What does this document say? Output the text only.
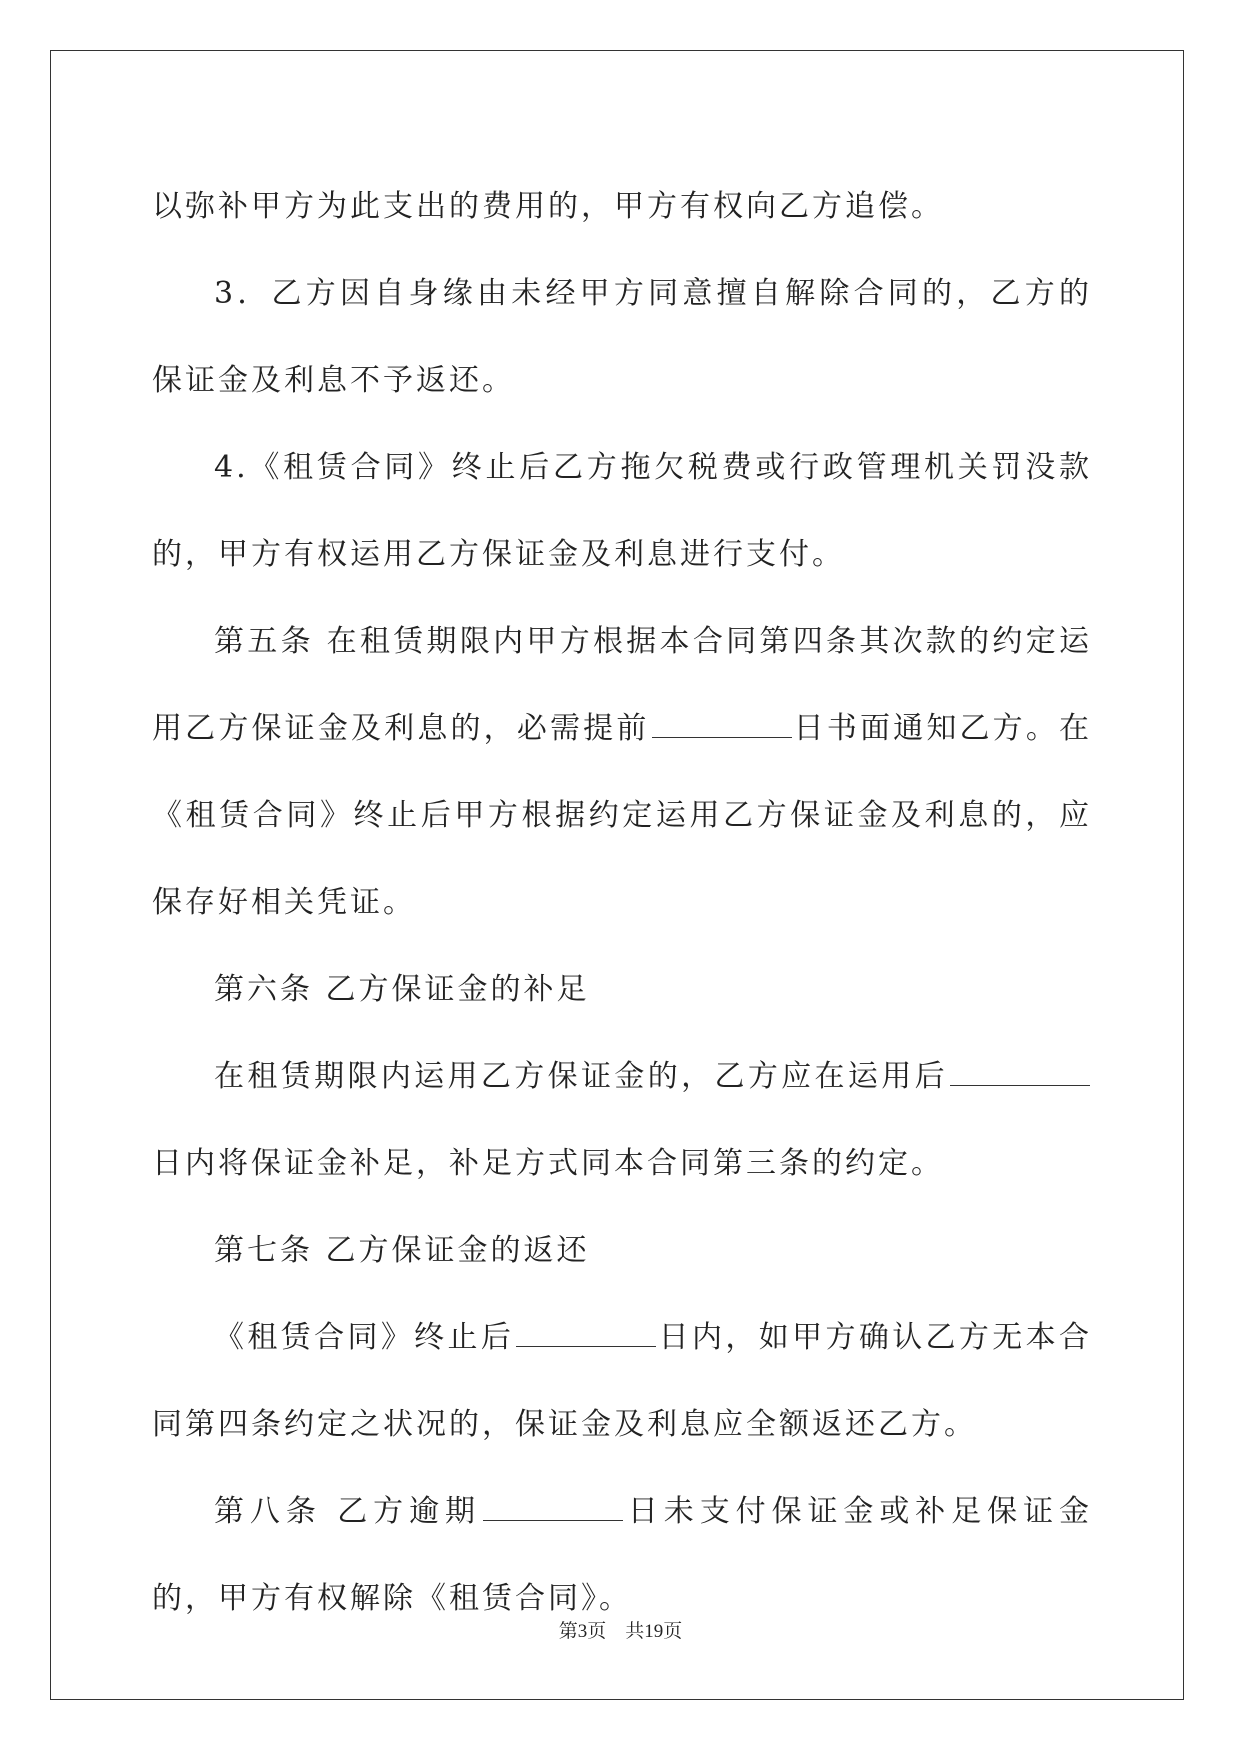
以弥补甲方为此支出的费用的，甲方有权向乙方追偿。

3．乙方因自身缘由未经甲方同意擅自解除合同的，乙方的保证金及利息不予返还。

4.《租赁合同》终止后乙方拖欠税费或行政管理机关罚没款的，甲方有权运用乙方保证金及利息进行支付。

第五条 在租赁期限内甲方根据本合同第四条其次款的约定运用乙方保证金及利息的，必需提前	日书面通知乙方。在《租赁合同》终止后甲方根据约定运用乙方保证金及利息的，应保存好相关凭证。

第六条 乙方保证金的补足

在租赁期限内运用乙方保证金的，乙方应在运用后日内将保证金补足，补足方式同本合同第三条的约定。

第七条 乙方保证金的返还

《租赁合同》终止后	日内，如甲方确认乙方无本合同第四条约定之状况的，保证金及利息应全额返还乙方。

第八条 乙方逾期	日未支付保证金或补足保证金的，甲方有权解除《租赁合同》。

第3页 共19页
